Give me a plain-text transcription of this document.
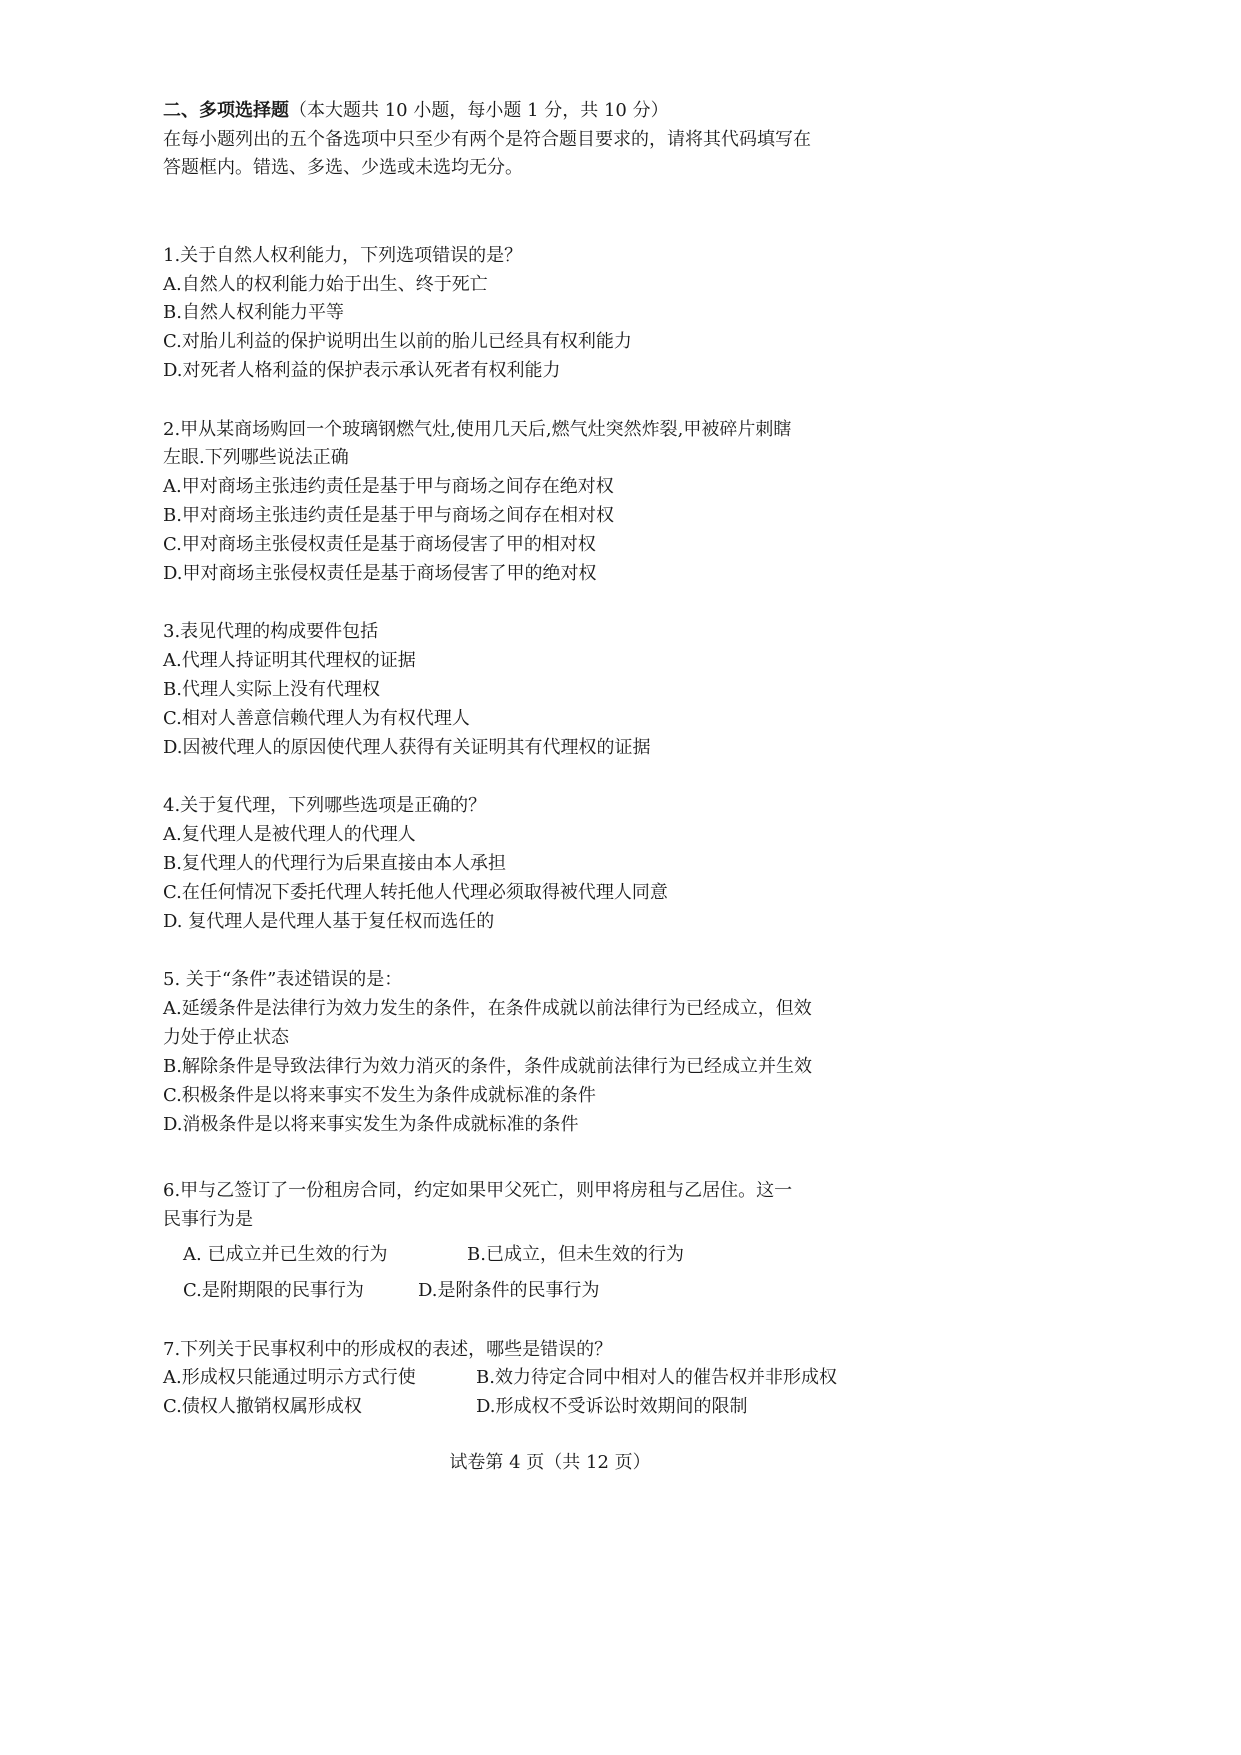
二、多项选择题（本大题共 10 小题，每小题 1 分，共 10 分）
在每小题列出的五个备选项中只至少有两个是符合题目要求的，请将其代码填写在
答题框内。错选、多选、少选或未选均无分。
1.关于自然人权利能力，下列选项错误的是？
A.自然人的权利能力始于出生、终于死亡
B.自然人权利能力平等
C.对胎儿利益的保护说明出生以前的胎儿已经具有权利能力
D.对死者人格利益的保护表示承认死者有权利能力
2.甲从某商场购回一个玻璃钢燃气灶,使用几天后,燃气灶突然炸裂,甲被碎片刺瞎
左眼.下列哪些说法正确
A.甲对商场主张违约责任是基于甲与商场之间存在绝对权
B.甲对商场主张违约责任是基于甲与商场之间存在相对权
C.甲对商场主张侵权责任是基于商场侵害了甲的相对权
D.甲对商场主张侵权责任是基于商场侵害了甲的绝对权
3.表见代理的构成要件包括
A.代理人持证明其代理权的证据
B.代理人实际上没有代理权
C.相对人善意信赖代理人为有权代理人
D.因被代理人的原因使代理人获得有关证明其有代理权的证据
4.关于复代理，下列哪些选项是正确的？
A.复代理人是被代理人的代理人
B.复代理人的代理行为后果直接由本人承担
C.在任何情况下委托代理人转托他人代理必须取得被代理人同意
D. 复代理人是代理人基于复任权而选任的
5. 关于“条件”表述错误的是：
A.延缓条件是法律行为效力发生的条件，在条件成就以前法律行为已经成立，但效
力处于停止状态
B.解除条件是导致法律行为效力消灭的条件，条件成就前法律行为已经成立并生效
C.积极条件是以将来事实不发生为条件成就标准的条件
D.消极条件是以将来事实发生为条件成就标准的条件
6.甲与乙签订了一份租房合同，约定如果甲父死亡，则甲将房租与乙居住。这一
民事行为是
A. 已成立并已生效的行为	B.已成立，但未生效的行为
C.是附期限的民事行为	D.是附条件的民事行为
7.下列关于民事权利中的形成权的表述，哪些是错误的？
A.形成权只能通过明示方式行使	B.效力待定合同中相对人的催告权并非形成权
C.债权人撤销权属形成权	D.形成权不受诉讼时效期间的限制
试卷第 4 页（共 12 页）
